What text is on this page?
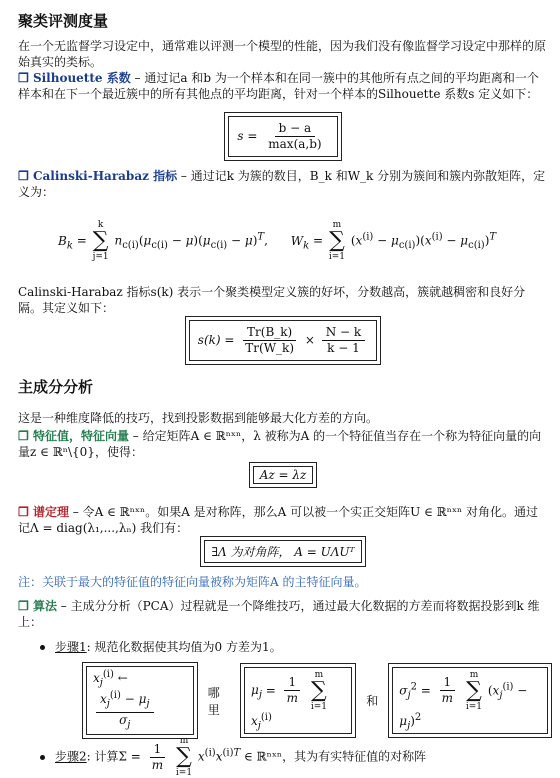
聚类评测度量

在一个无监督学习设定中，通常难以评测一个模型的性能，因为我们没有像监督学习设定中那样的原始真实的类标。

❒ Silhouette 系数 – 通过记a 和b 为一个样本和在同一簇中的其他所有点之间的平均距离和一个样本和在下一个最近簇中的所有其他点的平均距离，针对一个样本的Silhouette 系数s 定义如下：

$s = \frac{b - a}{\max(a,b)}$

❒ Calinski-Harabaz 指标 – 通过记k 为簇的数目，B_k 和W_k 分别为簇间和簇内弥散矩阵，定义为：

$B_k$ =
k
∑
j=1
$n_{c(i)}(\mu_{c(i)} - \mu)(\mu_{c(i)} - \mu)^T$,      $W_k$ =
m
∑
i=1
$(x^{(i)} - \mu_{c(i)})(x^{(i)} - \mu_{c(i)})^T$

Calinski-Harabaz 指标s(k) 表示一个聚类模型定义簇的好坏，分数越高，簇就越稠密和良好分隔。其定义如下：

$s(k) = \frac{Tr(B\_k)}{Tr(W\_k)} \times \frac{N - k}{k - 1}$
主成分分析

这是一种维度降低的技巧，找到投影数据到能够最大化方差的方向。

❒ 特征值，特征向量 – 给定矩阵A ∈ ℝⁿˣⁿ，λ 被称为A 的一个特征值当存在一个称为特征向量的向量z ∈ ℝⁿ\{0}，使得：

Az = λz

❒ 谱定理 – 令A ∈ ℝⁿˣⁿ。如果A 是对称阵，那么A 可以被一个实正交矩阵U ∈ ℝⁿˣⁿ 对角化。通过记Λ = diag(λ₁,...,λₙ) 我们有：

∃Λ 为对角阵， A = UΛUᵀ

注：关联于最大的特征值的特征向量被称为矩阵A 的主特征向量。

❒ 算法 – 主成分分析（PCA）过程就是一个降维技巧，通过最大化数据的方差而将数据投影到k 维上：

步骤1: 规范化数据使其均值为0 方差为1。
$x_j^{(i)}$ ←
$\frac{x_j^{(i)} - \mu_j}{\sigma_j}$	哪里
$\mu_j = \frac{1}{m}$

m
∑
i=1
$x_j^{(i)}$
和
$\sigma_j^2 = \frac{1}{m}$

m
∑
i=1
$(x_j^{(i)} - \mu_j)^2$
步骤2: 计算$\Sigma = \frac{1}{m}$

m
∑
i=1
$x^{(i)}x^{(i)T}$ ∈ ℝⁿˣⁿ，其为有实特征值的对称阵
